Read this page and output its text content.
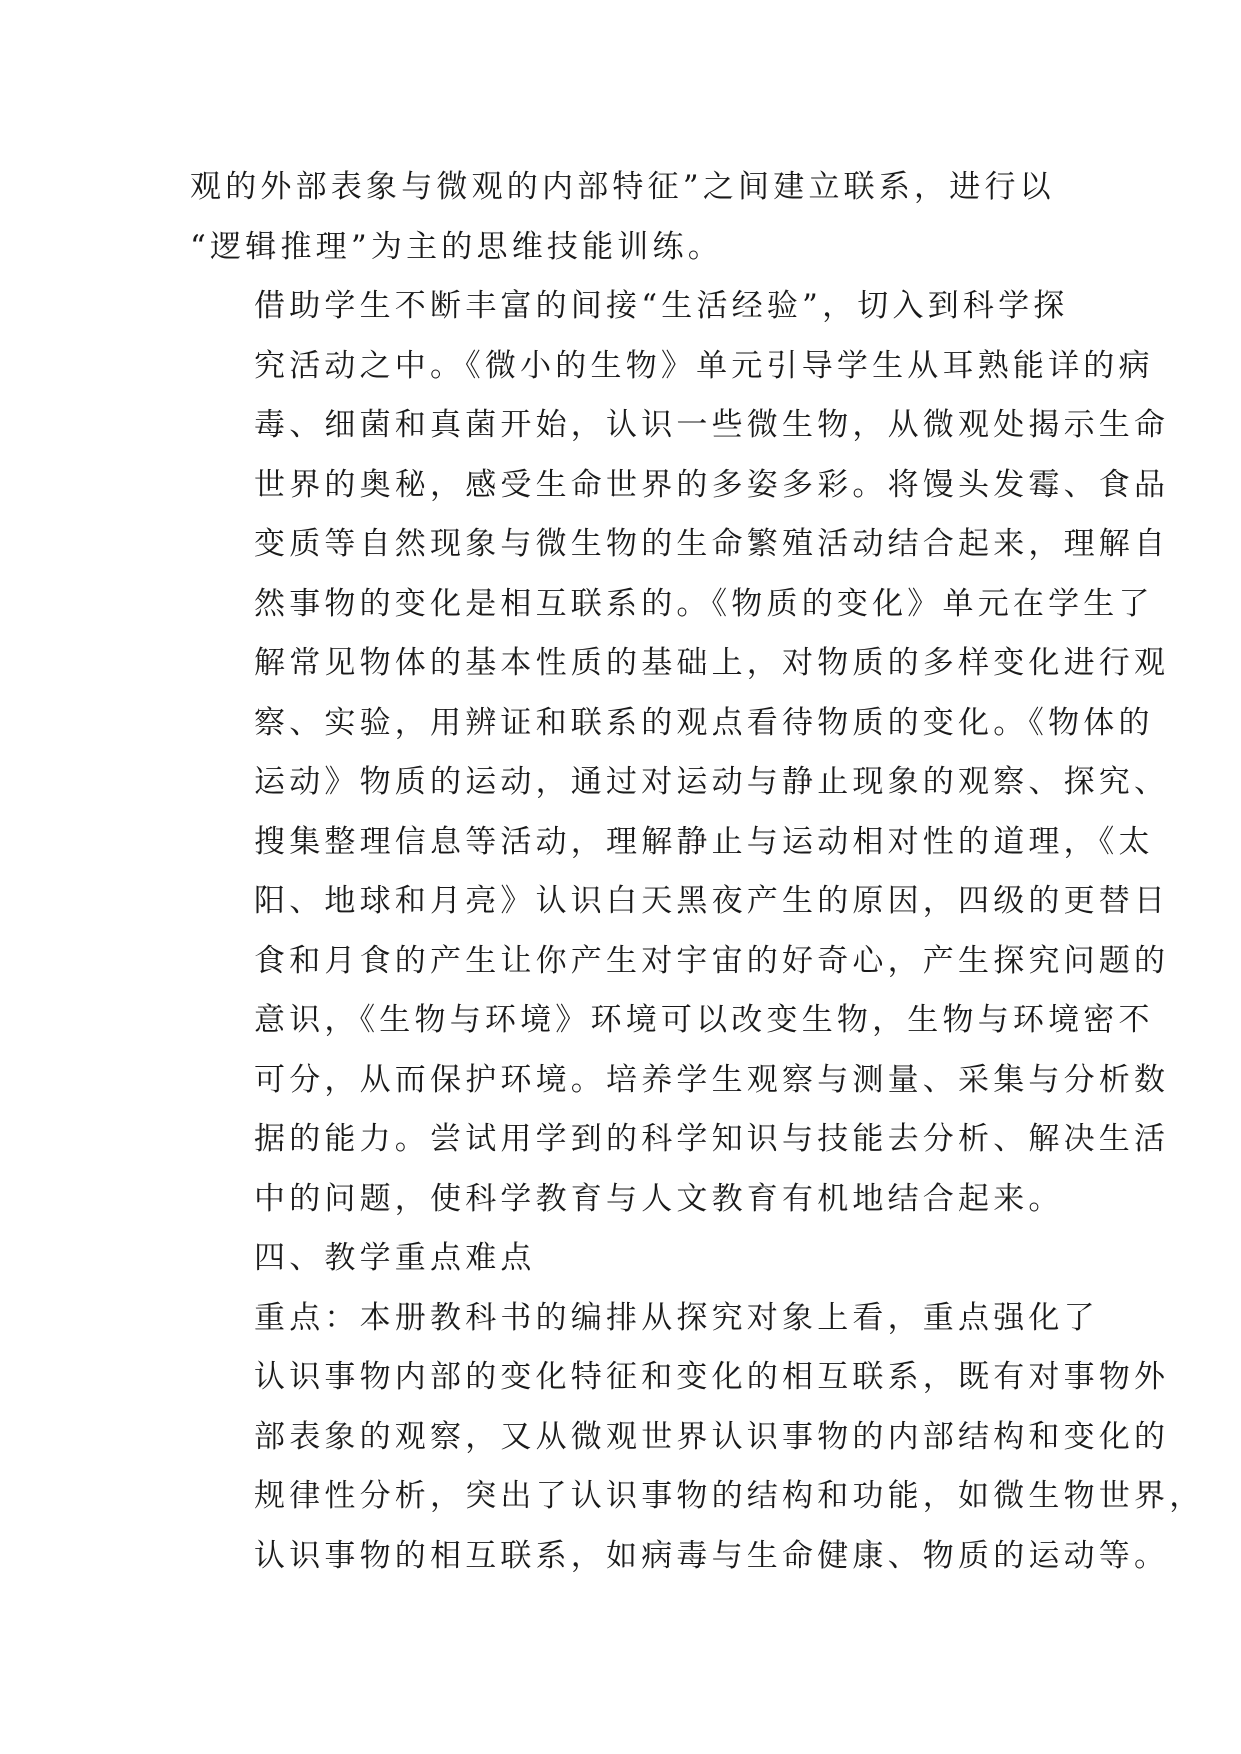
观的外部表象与微观的内部特征”之间建立联系，进行以
“逻辑推理”为主的思维技能训练。

借助学生不断丰富的间接“生活经验”，切入到科学探
究活动之中。《微小的生物》单元引导学生从耳熟能详的病
毒、细菌和真菌开始，认识一些微生物，从微观处揭示生命
世界的奥秘，感受生命世界的多姿多彩。将馒头发霉、食品
变质等自然现象与微生物的生命繁殖活动结合起来，理解自
然事物的变化是相互联系的。《物质的变化》单元在学生了
解常见物体的基本性质的基础上，对物质的多样变化进行观
察、实验，用辨证和联系的观点看待物质的变化。《物体的
运动》物质的运动，通过对运动与静止现象的观察、探究、
搜集整理信息等活动，理解静止与运动相对性的道理，《太
阳、地球和月亮》认识白天黑夜产生的原因，四级的更替日
食和月食的产生让你产生对宇宙的好奇心，产生探究问题的
意识，《生物与环境》环境可以改变生物，生物与环境密不
可分，从而保护环境。培养学生观察与测量、采集与分析数
据的能力。尝试用学到的科学知识与技能去分析、解决生活
中的问题，使科学教育与人文教育有机地结合起来。

四、教学重点难点

重点：本册教科书的编排从探究对象上看，重点强化了
认识事物内部的变化特征和变化的相互联系，既有对事物外
部表象的观察，又从微观世界认识事物的内部结构和变化的
规律性分析，突出了认识事物的结构和功能，如微生物世界，
认识事物的相互联系，如病毒与生命健康、物质的运动等。
